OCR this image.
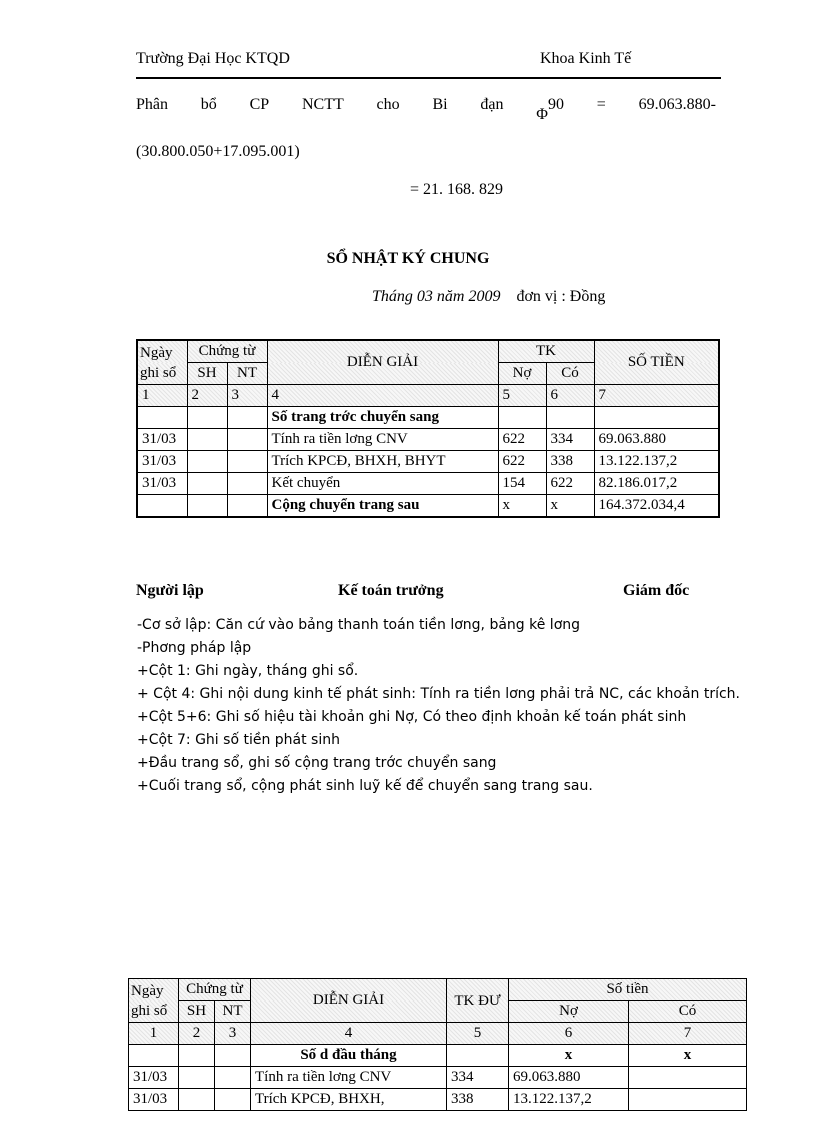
Trường Đại Học KTQD	Khoa Kinh Tế
Phân bổ CP NCTT cho Bi đạn
$_\Phi$90 = 69.063.880-
(30.800.050+17.095.001)
= 21. 168. 829
SỔ NHẬT KÝ CHUNG
Tháng 03 năm 2009 đơn vị : Đồng
Ngày ghi sổ	Chứng từ		DIỄN GIẢI	TK		SỐ TIỀN
	SH	NT		Nợ	Có	
1	2	3	4	5	6	7
			Số trang trớc chuyển sang			
31/03			Tính ra tiền lơng CNV	622	334	69.063.880
31/03			Trích KPCĐ, BHXH, BHYT	622	338	13.122.137,2
31/03			Kết chuyển	154	622	82.186.017,2
			Cộng chuyển trang sau	x	x	164.372.034,4
Người lập	Kế toán trưởng	Giám đốc
-Cơ sở lập: Căn cứ vào bảng thanh toán tiền lơng, bảng kê lơng
-Phơng pháp lập
+Cột 1: Ghi ngày, tháng ghi sổ.
+ Cột 4: Ghi nội dung kinh tế phát sinh: Tính ra tiền lơng phải trả NC, các khoản trích.
+Cột 5+6: Ghi số hiệu tài khoản ghi Nợ, Có theo định khoản kế toán phát sinh
+Cột 7: Ghi số tiền phát sinh
+Đầu trang sổ, ghi số cộng trang trớc chuyển sang
+Cuối trang sổ, cộng phát sinh luỹ kế để chuyển sang trang sau.
Ngày ghi sổ	Chứng từ		DIỄN GIẢI	TK ĐƯ	Số tiền	
	SH	NT			Nợ	Có
1	2	3	4	5	6	7
			Số d đầu tháng		x	x
31/03			Tính ra tiền lơng CNV	334	69.063.880	
31/03			Trích KPCĐ, BHXH,	338	13.122.137,2	
